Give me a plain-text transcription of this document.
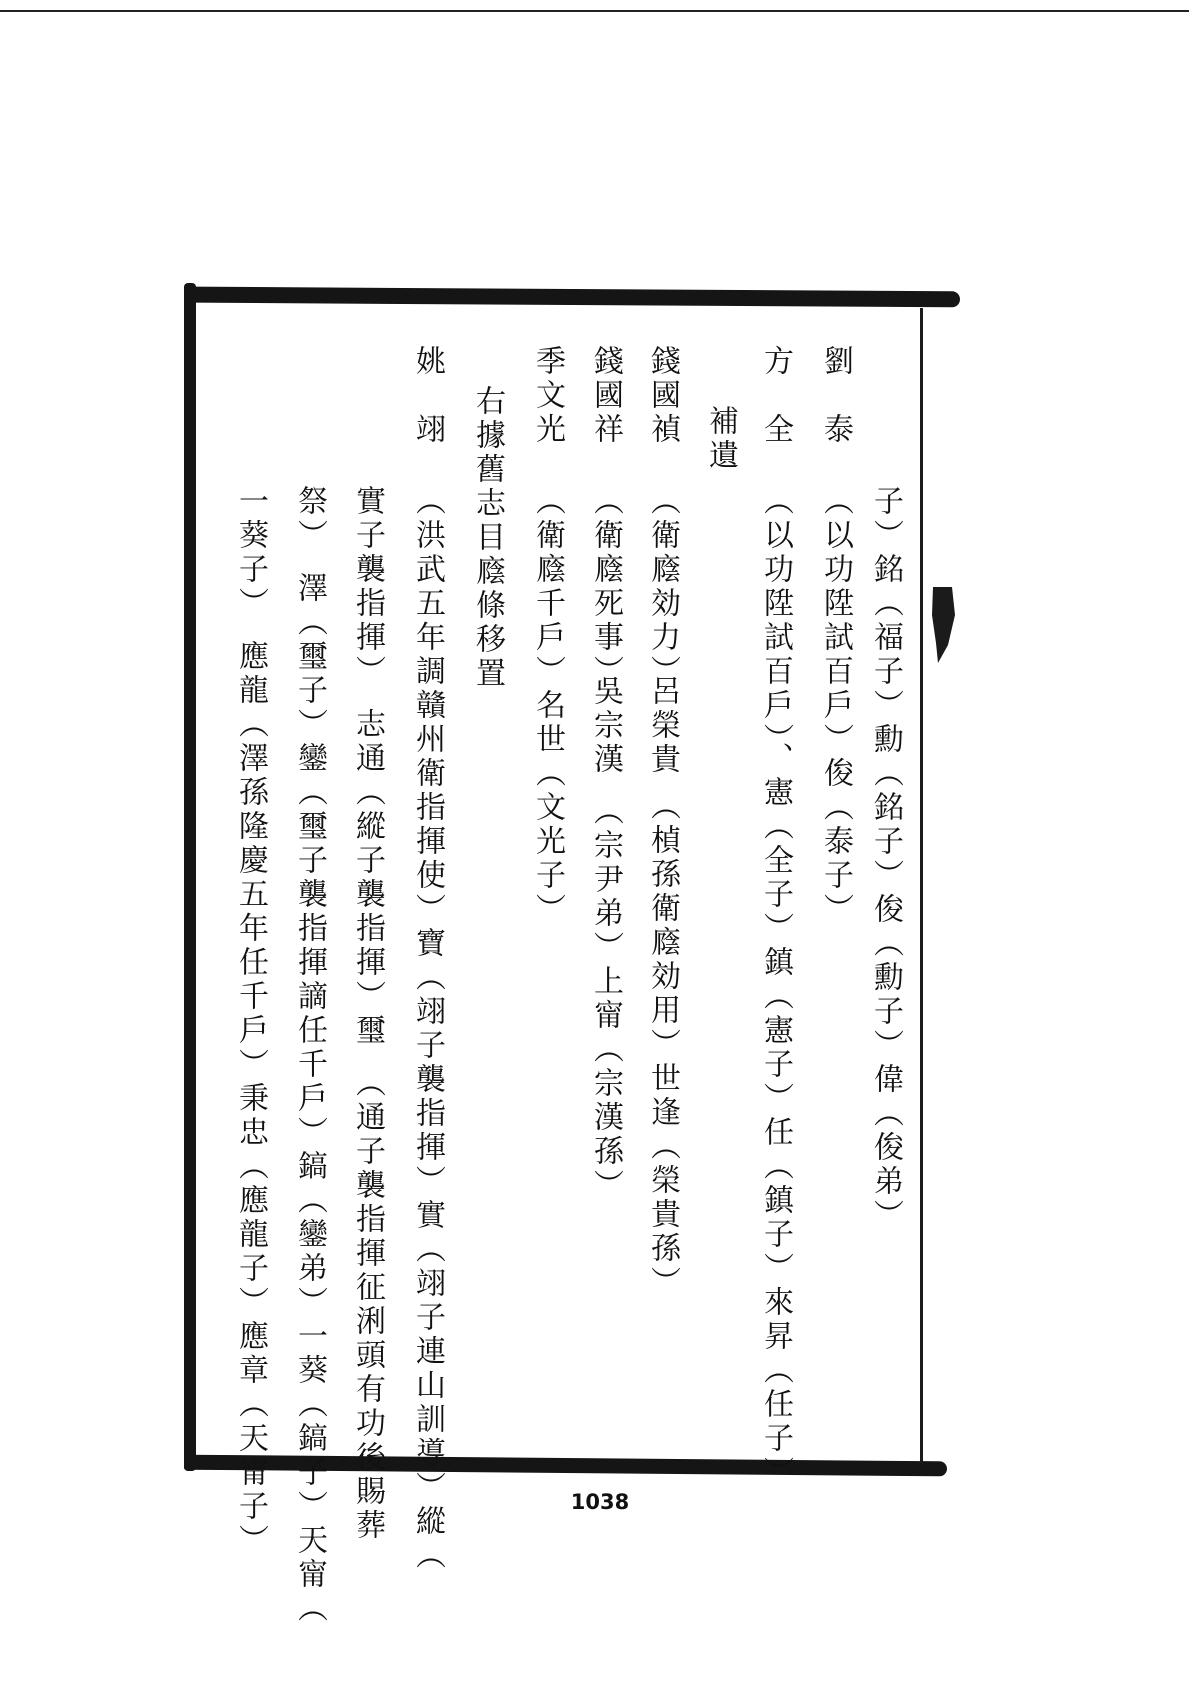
子）銘（福子）勳（銘子）俊（勳子）偉（俊弟）
劉　泰
（以功陞試百戶）俊（泰子）
方　全
（以功陞試百戶）、憲（全子）鎮（憲子）任（鎮子）來昇（任子）
補遺
錢國禎
（衛廕効力）
呂榮貴
（楨孫衛廕効用）世逢（榮貴孫）
錢國祥
（衛廕死事）
吳宗漢
（宗尹弟）上甯（宗漢孫）
季文光
（衛廕千戶）名世（文光子）
右據舊志目廕條移置
姚　翊
（洪武五年調贛州衛指揮使）寶（翊子襲指揮）實（翊子連山訓導）縱（
實子襲指揮）　志通（縱子襲指揮）璽　（通子襲指揮征浰頭有功後賜葬
祭）　澤（璽子）鑾（璽子襲指揮謫任千戶）鎬（鑾弟）一葵（鎬子）天甯（
一葵子）　應龍（澤孫隆慶五年任千戶）秉忠（應龍子）應章（天甯子）	1038
